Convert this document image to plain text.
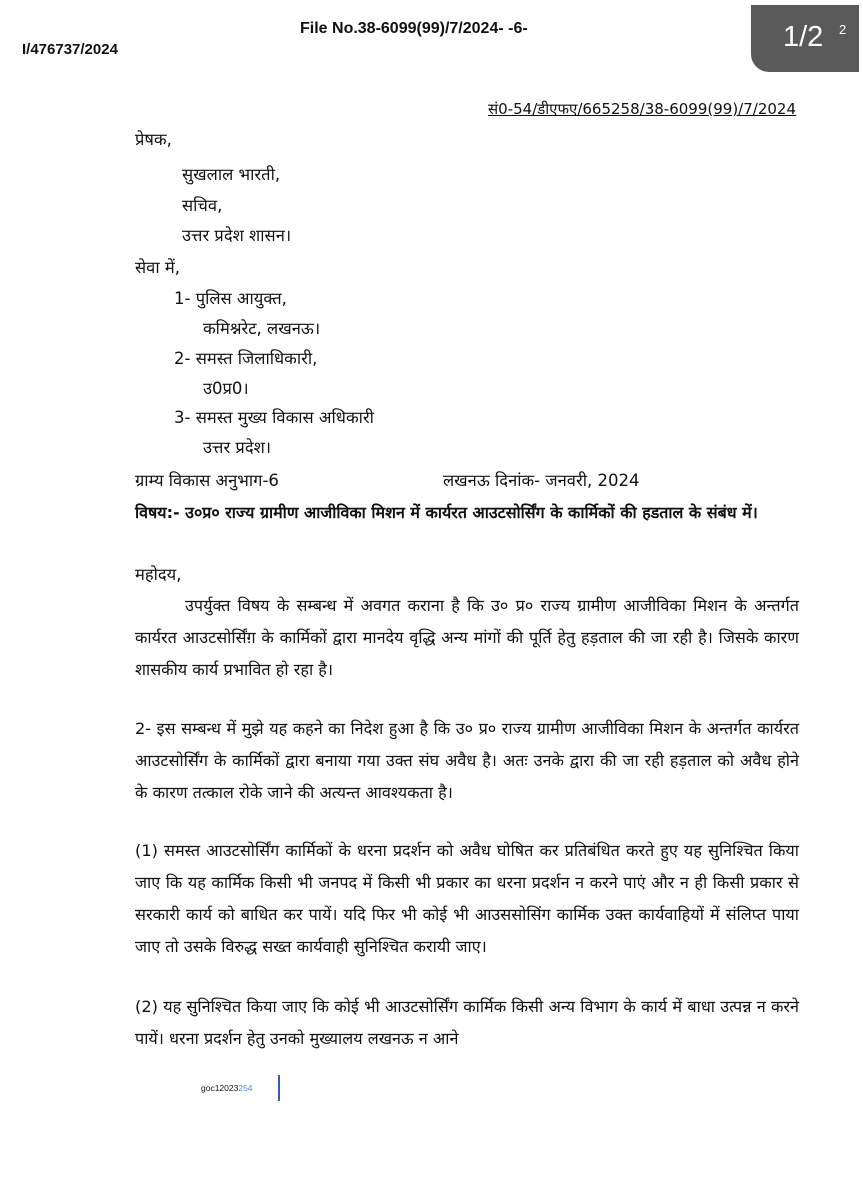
File No.38-6099(99)/7/2024- -6-
I/476737/2024	1/2 2
सं0-54/डीएफए/665258/38-6099(99)/7/2024
प्रेषक,
सुखलाल भारती,
सचिव,
उत्तर प्रदेश शासन।
सेवा में,
1- पुलिस आयुक्त,
कमिश्नरेट, लखनऊ।
2- समस्त जिलाधिकारी,
उ0प्र0।
3- समस्त मुख्य विकास अधिकारी
उत्तर प्रदेश।
ग्राम्य विकास अनुभाग-6	लखनऊ दिनांक- जनवरी, 2024
विषय:- उ०प्र० राज्य ग्रामीण आजीविका मिशन में कार्यरत आउटसोर्सिंग के कार्मिकों की हडताल के संबंध में।
महोदय,

उपर्युक्त विषय के सम्बन्ध में अवगत कराना है कि उ० प्र० राज्य ग्रामीण आजीविका मिशन के अन्तर्गत कार्यरत आउटसोर्सिंग़ के कार्मिकों द्वारा मानदेय वृद्धि अन्य मांगों की पूर्ति हेतु हड़ताल की जा रही है। जिसके कारण शासकीय कार्य प्रभावित हो रहा है।

2- इस सम्बन्ध में मुझे यह कहने का निदेश हुआ है कि उ० प्र० राज्य ग्रामीण आजीविका मिशन के अन्तर्गत कार्यरत आउटसोर्सिंग के कार्मिकों द्वारा बनाया गया उक्त संघ अवैध है। अतः उनके द्वारा की जा रही हड़ताल को अवैध होने के कारण तत्काल रोके जाने की अत्यन्त आवश्यकता है।

(1) समस्त आउटसोर्सिंग कार्मिकों के धरना प्रदर्शन को अवैध घोषित कर प्रतिबंधित करते हुए यह सुनिश्चित किया जाए कि यह कार्मिक किसी भी जनपद में किसी भी प्रकार का धरना प्रदर्शन न करने पाएं और न ही किसी प्रकार से सरकारी कार्य को बाधित कर पायें। यदि फिर भी कोई भी आउससोसिंग कार्मिक उक्त कार्यवाहियों में संलिप्त पाया जाए तो उसके विरुद्ध सख्त कार्यवाही सुनिश्चित करायी जाए।

(2) यह सुनिश्चित किया जाए कि कोई भी आउटसोर्सिंग कार्मिक किसी अन्य विभाग के कार्य में बाधा उत्पन्न न करने पायें। धरना प्रदर्शन हेतु उनको मुख्यालय लखनऊ न आने

goc12023254
